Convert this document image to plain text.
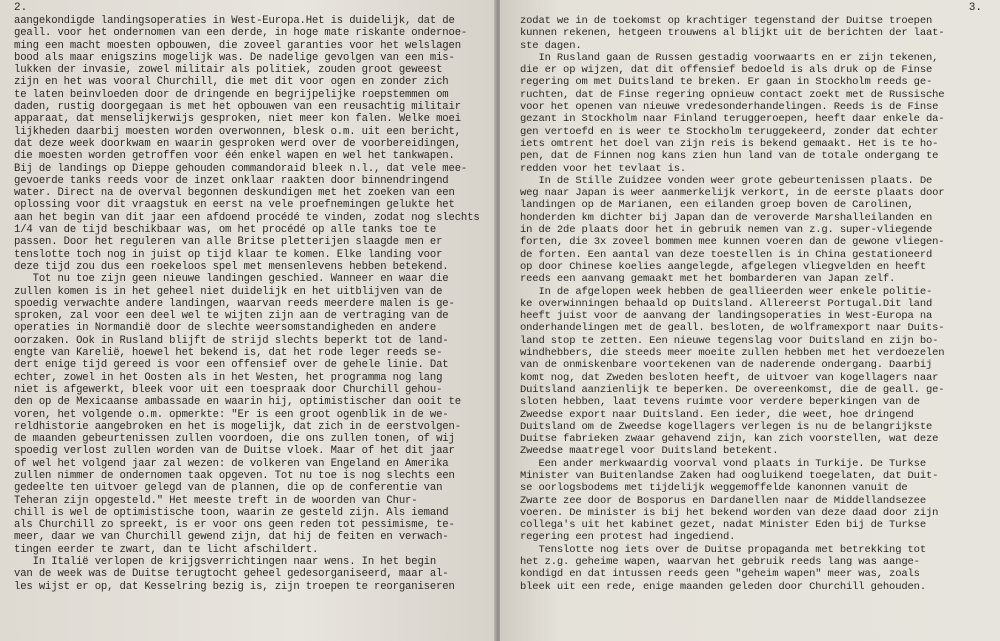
2.
aangekondigde landingsoperaties in West-Europa.Het is duidelijk, dat de
geall. voor het ondernomen van een derde, in hoge mate riskante ondernoe-
ming een macht moesten opbouwen, die zoveel garanties voor het welslagen
bood als maar enigszins mogelijk was. De nadelige gevolgen van een mis-
lukken der invasie, zowel militair als politiek, zouden groot geweest
zijn en het was vooral Churchill, die met dit voor ogen en zonder zich
te laten beinvloeden door de dringende en begrijpelijke roepstemmen om
daden, rustig doorgegaan is met het opbouwen van een reusachtig militair
apparaat, dat menselijkerwijs gesproken, niet meer kon falen. Welke moei
lijkheden daarbij moesten worden overwonnen, blesk o.m. uit een bericht,
dat deze week doorkwam en waarin gesproken werd over de voorbereidingen,
die moesten worden getroffen voor één enkel wapen en wel het tankwapen.
Bij de landings op Dieppe gehouden commandoraid bleek n.l., dat vele mee-
gevoerde tanks reeds voor de inzet onklaar raakten door binnendringend
water. Direct na de overval begonnen deskundigen met het zoeken van een
oplossing voor dit vraagstuk en eerst na vele proefnemingen gelukte het
aan het begin van dit jaar een afdoend procédé te vinden, zodat nog slechts
1/4 van de tijd beschikbaar was, om het procédé op alle tanks toe te
passen. Door het reguleren van alle Britse pletterijen slaagde men er
tenslotte toch nog in juist op tijd klaar te komen. Elke landing voor
deze tijd zou dus een roekeloos spel met mensenlevens hebben betekend.
Tot nu toe zijn geen nieuwe landingen geschied. Wanneer en waar die
zullen komen is in het geheel niet duidelijk en het uitblijven van de
spoedig verwachte andere landingen, waarvan reeds meerdere malen is ge-
sproken, zal voor een deel wel te wijten zijn aan de vertraging van de
operaties in Normandië door de slechte weersomstandigheden en andere
oorzaken. Ook in Rusland blijft de strijd slechts beperkt tot de land-
engte van Karelië, hoewel het bekend is, dat het rode leger reeds se-
dert enige tijd gereed is voor een offensief over de gehele linie. Dat
echter, zowel in het Oosten als in het Westen, het programma nog lang
niet is afgewerkt, bleek voor uit een toespraak door Churchill gehou-
den op de Mexicaanse ambassade en waarin hij, optimistischer dan ooit te
voren, het volgende o.m. opmerkte: "Er is een groot ogenblik in de we-
reldhistorie aangebroken en het is mogelijk, dat zich in de eerstvolgen-
de maanden gebeurtenissen zullen voordoen, die ons zullen tonen, of wij
spoedig verlost zullen worden van de Duitse vloek. Maar of het dit jaar
of wel het volgend jaar zal wezen: de volkeren van Engeland en Amerika
zullen nimmer de ondernomen taak opgeven. Tot nu toe is nog slechts een
gedeelte ten uitvoer gelegd van de plannen, die op de conferentie van
Teheran zijn opgesteld." Het meeste treft in de woorden van Chur-
chill is wel de optimistische toon, waarin ze gesteld zijn. Als iemand
als Churchill zo spreekt, is er voor ons geen reden tot pessimisme, te-
meer, daar we van Churchill gewend zijn, dat hij de feiten en verwach-
tingen eerder te zwart, dan te licht afschildert.
In Italië verlopen de krijgsverrichtingen naar wens. In het begin
van de week was de Duitse terugtocht geheel gedesorganiseerd, maar al-
les wijst er op, dat Kesselring bezig is, zijn troepen te reorganiseren
3.
zodat we in de toekomst op krachtiger tegenstand der Duitse troepen
kunnen rekenen, hetgeen trouwens al blijkt uit de berichten der laat-
ste dagen.
In Rusland gaan de Russen gestadig voorwaarts en er zijn tekenen,
die er op wijzen, dat dit offensief bedoeld is als druk op de Finse
regering om met Duitsland te breken. Er gaan in Stockholm reeds ge-
ruchten, dat de Finse regering opnieuw contact zoekt met de Russische
voor het openen van nieuwe vredesonderhandelingen. Reeds is de Finse
gezant in Stockholm naar Finland teruggeroepen, heeft daar enkele da-
gen vertoefd en is weer te Stockholm teruggekeerd, zonder dat echter
iets omtrent het doel van zijn reis is bekend gemaakt. Het is te ho-
pen, dat de Finnen nog kans zien hun land van de totale ondergang te
redden voor het tevlaat is.
In de Stille Zuidzee vonden weer grote gebeurtenissen plaats. De
weg naar Japan is weer aanmerkelijk verkort, in de eerste plaats door
landingen op de Marianen, een eilanden groep boven de Carolinen,
honderden km dichter bij Japan dan de veroverde Marshalleilanden en
in de 2de plaats door het in gebruik nemen van z.g. super-vliegende
forten, die 3x zoveel bommen mee kunnen voeren dan de gewone vliegen-
de forten. Een aantal van deze toestellen is in China gestationeerd
op door Chinese koelies aangelegde, afgelegen vliegvelden en heeft
reeds een aanvang gemaakt met het bombarderen van Japan zelf.
In de afgelopen week hebben de geallieerden weer enkele politie-
ke overwinningen behaald op Duitsland. Allereerst Portugal.Dit land
heeft juist voor de aanvang der landingsoperaties in West-Europa na
onderhandelingen met de geall. besloten, de wolframexport naar Duits-
land stop te zetten. Een nieuwe tegenslag voor Duitsland en zijn bo-
windhebbers, die steeds meer moeite zullen hebben met het verdoezelen
van de onmiskenbare voortekenen van de naderende ondergang. Daarbij
komt nog, dat Zweden besloten heeft, de uitvoer van kogellagers naar
Duitsland aanzienlijk te beperken. De overeenkomst, die de geall. ge-
sloten hebben, laat tevens ruimte voor verdere beperkingen van de
Zweedse export naar Duitsland. Een ieder, die weet, hoe dringend
Duitsland om de Zweedse kogellagers verlegen is nu de belangrijkste
Duitse fabrieken zwaar gehavend zijn, kan zich voorstellen, wat deze
Zweedse maatregel voor Duitsland betekent.
Een ander merkwaardig voorval vond plaats in Turkije. De Turkse
Minister van Buitenlandse Zaken had oogluikend toegelaten, dat Duit-
se oorlogsbodems met tijdelijk weggemoffelde kanonnen vanuit de
Zwarte zee door de Bosporus en Dardanellen naar de Middellandsezee
voeren. De minister is bij het bekend worden van deze daad door zijn
collega's uit het kabinet gezet, nadat Minister Eden bij de Turkse
regering een protest had ingediend.
Tenslotte nog iets over de Duitse propaganda met betrekking tot
het z.g. geheime wapen, waarvan het gebruik reeds lang was aange-
kondigd en dat intussen reeds geen "geheim wapen" meer was, zoals
bleek uit een rede, enige maanden geleden door Churchill gehouden.
